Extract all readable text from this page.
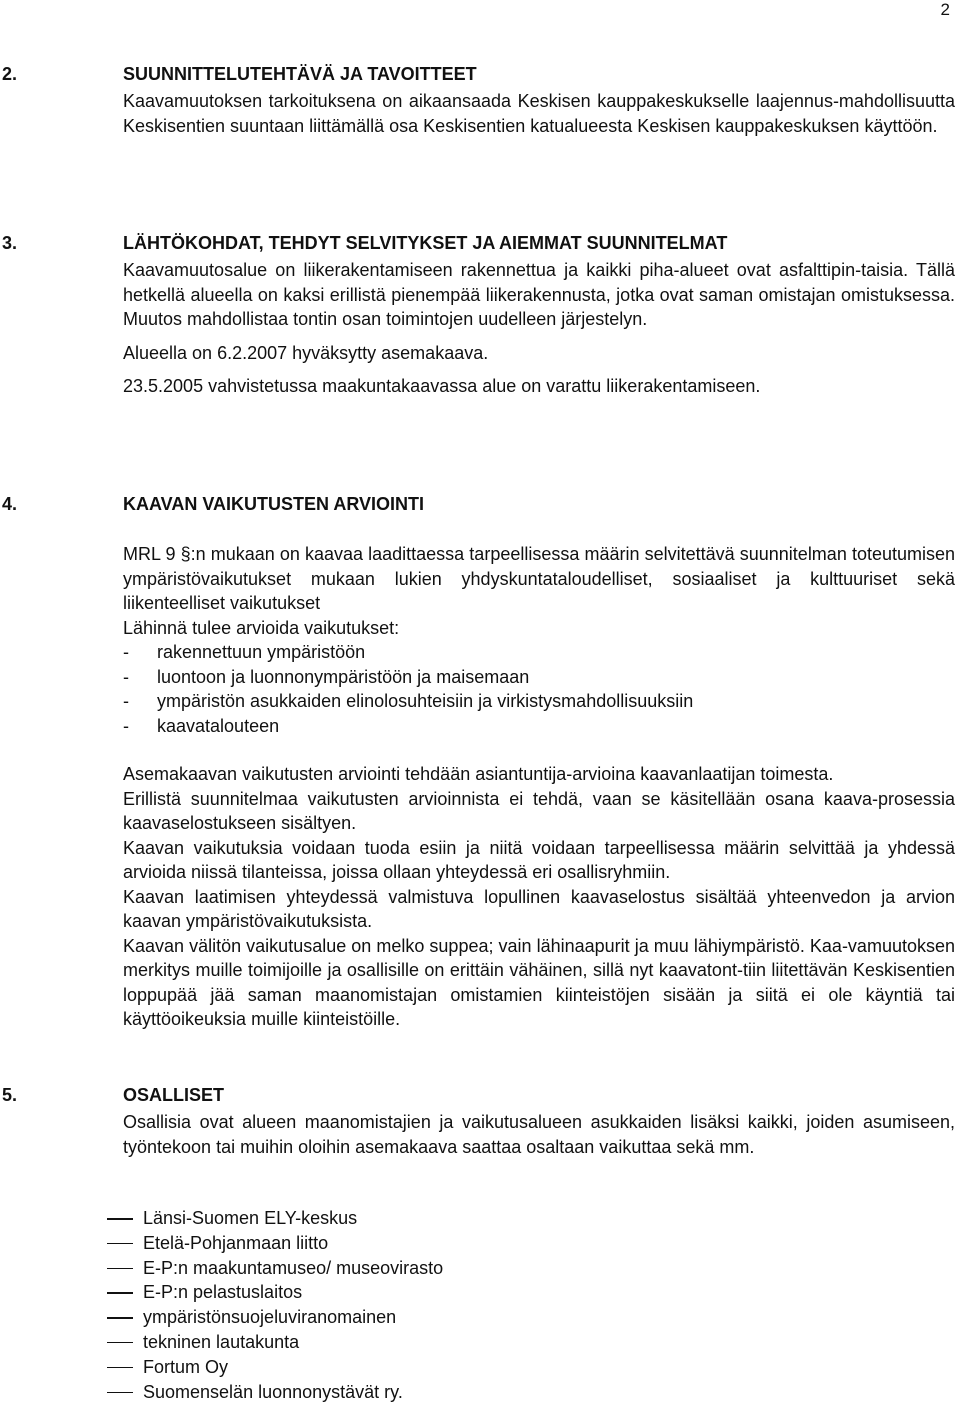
2
2.	SUUNNITTELUTEHTÄVÄ JA TAVOITTEET

Kaavamuutoksen tarkoituksena on aikaansaada Keskisen kauppakeskukselle laajennus-mahdollisuutta Keskisentien suuntaan liittämällä osa Keskisentien katualueesta Keskisen kauppakeskuksen käyttöön.

3.	LÄHTÖKOHDAT, TEHDYT SELVITYKSET JA AIEMMAT SUUNNITELMAT

Kaavamuutosalue on liikerakentamiseen rakennettua ja kaikki piha-alueet ovat asfalttipin-taisia. Tällä hetkellä alueella on kaksi erillistä pienempää liikerakennusta, jotka ovat saman omistajan omistuksessa. Muutos mahdollistaa tontin osan toimintojen uudelleen järjestelyn.

Alueella on 6.2.2007 hyväksytty asemakaava.

23.5.2005 vahvistetussa maakuntakaavassa alue on varattu liikerakentamiseen.

4.	KAAVAN VAIKUTUSTEN ARVIOINTI

MRL 9 §:n mukaan on kaavaa laadittaessa tarpeellisessa määrin selvitettävä suunnitelman toteutumisen ympäristövaikutukset mukaan lukien yhdyskuntataloudelliset, sosiaaliset ja kulttuuriset sekä liikenteelliset vaikutukset

Lähinnä tulee arvioida vaikutukset:

- rakennettuun ympäristöön
- luontoon ja luonnonympäristöön ja maisemaan
- ympäristön asukkaiden elinolosuhteisiin ja virkistysmahdollisuuksiin
- kaavatalouteen

Asemakaavan vaikutusten arviointi tehdään asiantuntija-arvioina kaavanlaatijan toimesta.

Erillistä suunnitelmaa vaikutusten arvioinnista ei tehdä, vaan se käsitellään osana kaava-prosessia kaavaselostukseen sisältyen.

Kaavan vaikutuksia voidaan tuoda esiin ja niitä voidaan tarpeellisessa määrin selvittää ja yhdessä arvioida niissä tilanteissa, joissa ollaan yhteydessä eri osallisryhmiin.

Kaavan laatimisen yhteydessä valmistuva lopullinen kaavaselostus sisältää yhteenvedon ja arvion kaavan ympäristövaikutuksista.

Kaavan välitön vaikutusalue on melko suppea; vain lähinaapurit ja muu lähiympäristö. Kaa-vamuutoksen merkitys muille toimijoille ja osallisille on erittäin vähäinen, sillä nyt kaavatont-tiin liitettävän Keskisentien loppupää jää saman maanomistajan omistamien kiinteistöjen sisään ja siitä ei ole käyntiä tai käyttöoikeuksia muille kiinteistöille.

5.	OSALLISET

Osallisia ovat alueen maanomistajien ja vaikutusalueen asukkaiden lisäksi kaikki, joiden asumiseen, työntekoon tai muihin oloihin asemakaava saattaa osaltaan vaikuttaa sekä mm.

Länsi-Suomen ELY-keskus
Etelä-Pohjanmaan liitto
E-P:n maakuntamuseo/ museovirasto
E-P:n pelastuslaitos
ympäristönsuojeluviranomainen
tekninen lautakunta
Fortum Oy
Suomenselän luonnonystävät ry.
